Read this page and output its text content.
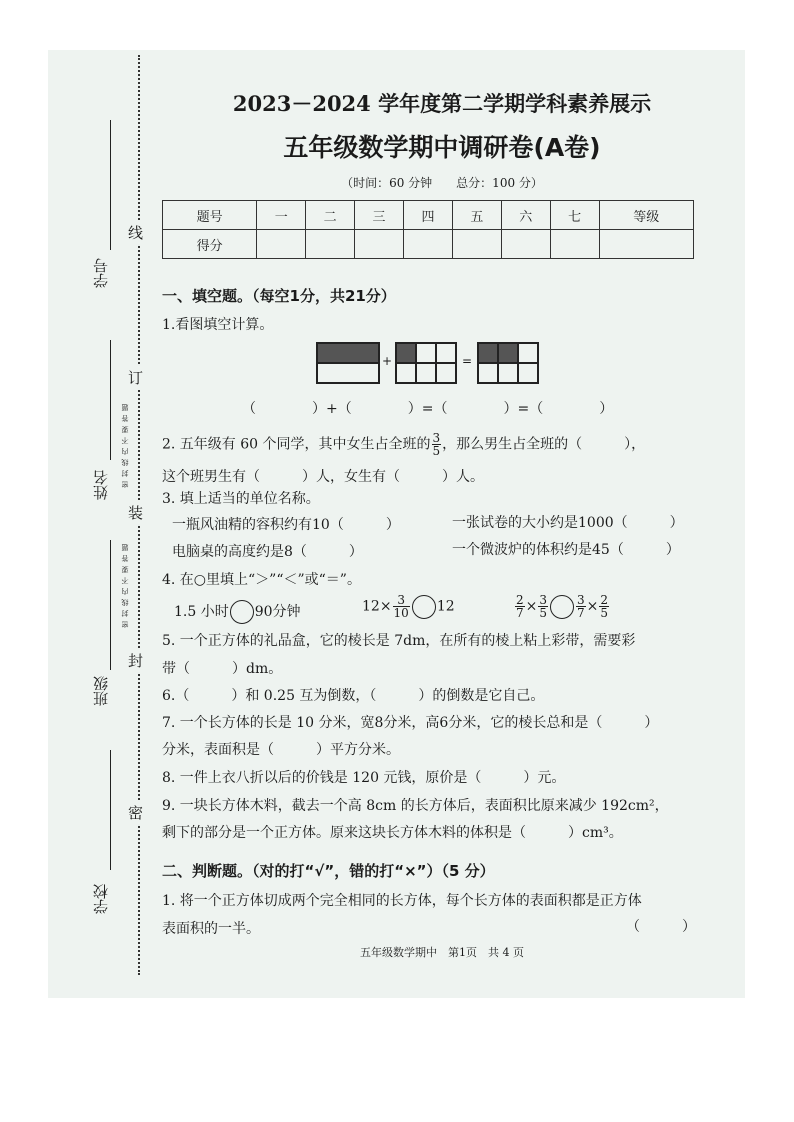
学号
姓名
班级
学校
线
订
装
封
密
密封线内不要答题
密封线内不要答题
2023－2024 学年度第二学期学科素养展示
五年级数学期中调研卷(A卷)
（时间：60 分钟　　总分：100 分）
题号	一	二	三	四	五	六	七	等级
得分								
一、填空题。（每空1分，共21分）
1.看图填空计算。
+	=
（　　　　）+（　　　　）=（　　　　）=（　　　　）
2. 五年级有 60 个同学，其中女生占全班的 $\frac{3}{5}$ ，那么男生占全班的（　　　），
这个班男生有（　　　）人，女生有（　　　）人。
3. 填上适当的单位名称。
一瓶风油精的容积约有10（　　　）	一张试卷的大小约是1000（　　　）
电脑桌的高度约是8（　　　）	一个微波炉的体积约是45（　　　）
4. 在○里填上“＞”“＜”或“＝”。
1.5 小时 90分钟	$12\times \frac{3}{10} 12$	$\frac{2}{7} \times \frac{3}{5} \frac{3}{7} \times \frac{2}{5}$
5. 一个正方体的礼品盒，它的棱长是 7dm，在所有的棱上粘上彩带，需要彩
带（　　　）dm。
6.（　　　）和 0.25 互为倒数，（　　　）的倒数是它自己。
7. 一个长方体的长是 10 分米，宽8分米，高6分米，它的棱长总和是（　　　）
分米，表面积是（　　　）平方分米。
8. 一件上衣八折以后的价钱是 120 元钱，原价是（　　　）元。
9. 一块长方体木料，截去一个高 8cm 的长方体后，表面积比原来减少 192cm²，
剩下的部分是一个正方体。原来这块长方体木料的体积是（　　　）cm³。
二、判断题。（对的打“√”，错的打“×”）（5 分）
1. 将一个正方体切成两个完全相同的长方体，每个长方体的表面积都是正方体
表面积的一半。	（　　　）
五年级数学期中　第1页　共 4 页
